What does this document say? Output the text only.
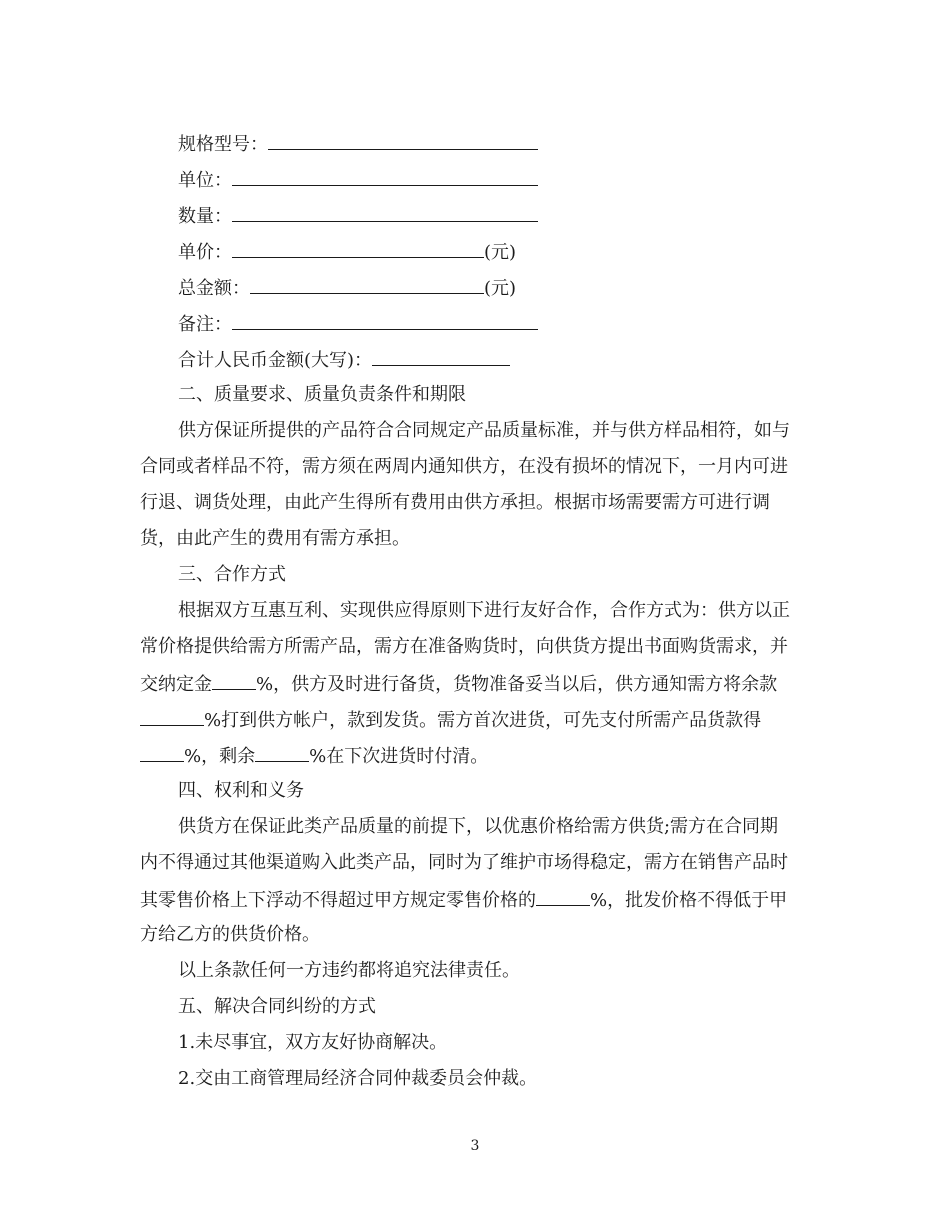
规格型号：
单位：
数量：
单价：	(元)
总金额：	(元)
备注：
合计人民币金额(大写)：
二、质量要求、质量负责条件和期限
供方保证所提供的产品符合合同规定产品质量标准，并与供方样品相符，如与
合同或者样品不符，需方须在两周内通知供方，在没有损坏的情况下，一月内可进
行退、调货处理，由此产生得所有费用由供方承担。根据市场需要需方可进行调
货，由此产生的费用有需方承担。
三、合作方式
根据双方互惠互利、实现供应得原则下进行友好合作，合作方式为：供方以正
常价格提供给需方所需产品，需方在准备购货时，向供货方提出书面购货需求，并
交纳定金 %，供方及时进行备货，货物准备妥当以后，供方通知需方将余款
%打到供方帐户，款到发货。需方首次进货，可先支付所需产品货款得
%，剩余	%在下次进货时付清。
四、权利和义务
供货方在保证此类产品质量的前提下，以优惠价格给需方供货;需方在合同期
内不得通过其他渠道购入此类产品，同时为了维护市场得稳定，需方在销售产品时
其零售价格上下浮动不得超过甲方规定零售价格的	%，批发价格不得低于甲
方给乙方的供货价格。
以上条款任何一方违约都将追究法律责任。
五、解决合同纠纷的方式
1.未尽事宜，双方友好协商解决。
2.交由工商管理局经济合同仲裁委员会仲裁。
3
